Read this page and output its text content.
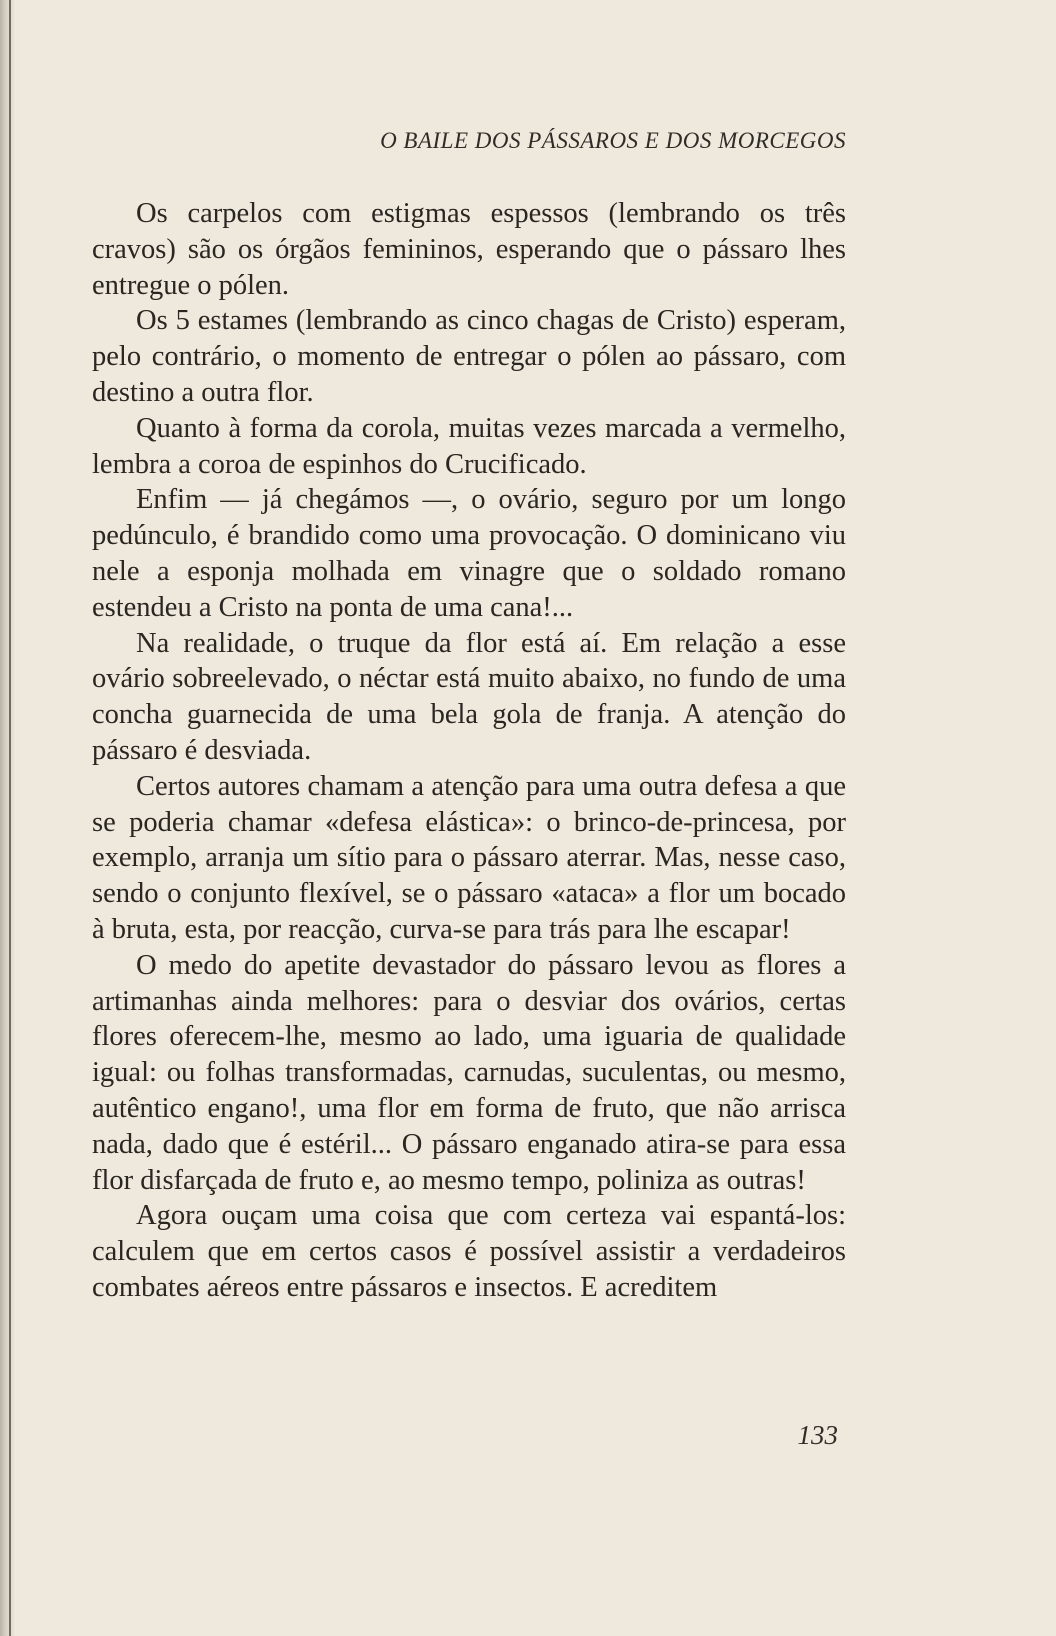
O BAILE DOS PÁSSAROS E DOS MORCEGOS

Os carpelos com estigmas espessos (lembrando os três cravos) são os órgãos femininos, esperando que o pássaro lhes entregue o pólen.

Os 5 estames (lembrando as cinco chagas de Cristo) esperam, pelo contrário, o momento de entregar o pólen ao pássaro, com destino a outra flor.

Quanto à forma da corola, muitas vezes marcada a vermelho, lembra a coroa de espinhos do Crucificado.

Enfim — já chegámos —, o ovário, seguro por um longo pedúnculo, é brandido como uma provocação. O dominicano viu nele a esponja molhada em vinagre que o soldado romano estendeu a Cristo na ponta de uma cana!...

Na realidade, o truque da flor está aí. Em relação a esse ovário sobreelevado, o néctar está muito abaixo, no fundo de uma concha guarnecida de uma bela gola de franja. A atenção do pássaro é desviada.

Certos autores chamam a atenção para uma outra defesa a que se poderia chamar «defesa elástica»: o brinco-de-princesa, por exemplo, arranja um sítio para o pássaro aterrar. Mas, nesse caso, sendo o conjunto flexível, se o pássaro «ataca» a flor um bocado à bruta, esta, por reacção, curva-se para trás para lhe escapar!

O medo do apetite devastador do pássaro levou as flores a artimanhas ainda melhores: para o desviar dos ovários, certas flores oferecem-lhe, mesmo ao lado, uma iguaria de qualidade igual: ou folhas transformadas, carnudas, suculentas, ou mesmo, autêntico engano!, uma flor em forma de fruto, que não arrisca nada, dado que é estéril... O pássaro enganado atira-se para essa flor disfarçada de fruto e, ao mesmo tempo, poliniza as outras!

Agora ouçam uma coisa que com certeza vai espantá-los: calculem que em certos casos é possível assistir a verdadeiros combates aéreos entre pássaros e insectos. E acreditem

133
